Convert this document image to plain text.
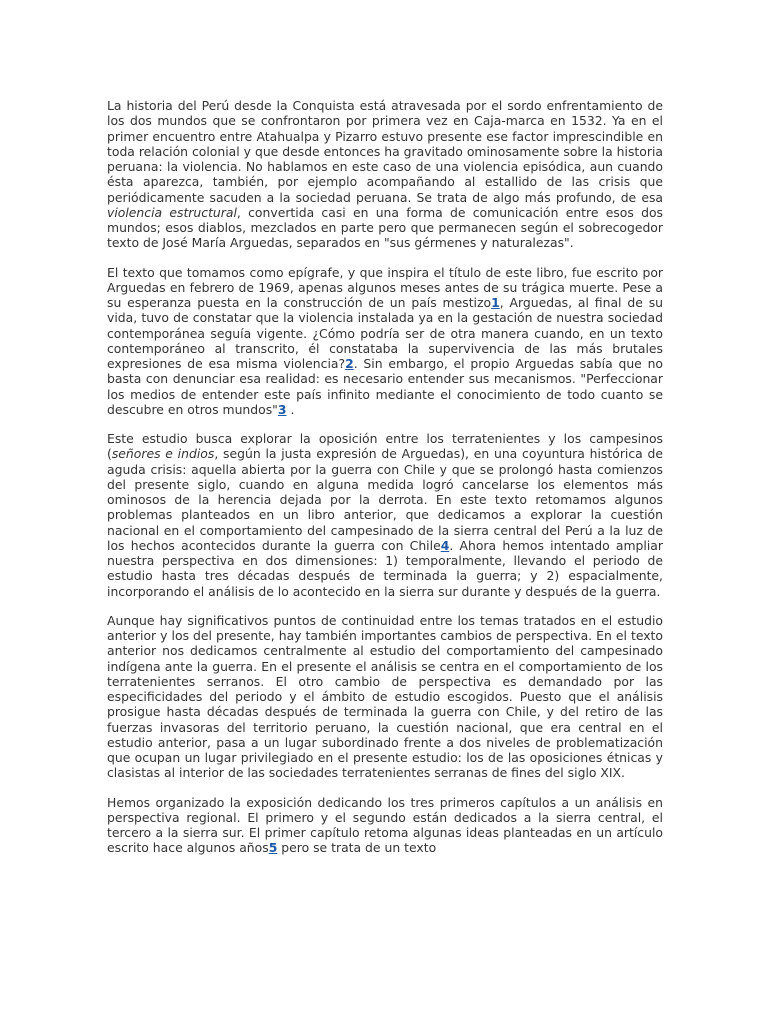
La historia del Perú desde la Conquista está atravesada por el sordo enfrentamiento de los dos mundos que se confrontaron por primera vez en Caja-marca en 1532. Ya en el primer encuentro entre Atahualpa y Pizarro estuvo presente ese factor imprescindible en toda relación colonial y que desde entonces ha gravitado ominosamente sobre la historia peruana: la violencia. No hablamos en este caso de una violencia episódica, aun cuando ésta aparezca, también, por ejemplo acompañando al estallido de las crisis que periódicamente sacuden a la sociedad peruana. Se trata de algo más profundo, de esa violencia estructural, convertida casi en una forma de comunicación entre esos dos mundos; esos diablos, mezclados en parte pero que permanecen según el sobrecogedor texto de José María Arguedas, separados en "sus gérmenes y naturalezas".

El texto que tomamos como epígrafe, y que inspira el título de este libro, fue escrito por Arguedas en febrero de 1969, apenas algunos meses antes de su trágica muerte. Pese a su esperanza puesta en la construcción de un país mestizo1, Arguedas, al final de su vida, tuvo de constatar que la violencia instalada ya en la gestación de nuestra sociedad contemporánea seguía vigente. ¿Cómo podría ser de otra manera cuando, en un texto contemporáneo al transcrito, él constataba la supervivencia de las más brutales expresiones de esa misma violencia?2. Sin embargo, el propio Arguedas sabía que no basta con denunciar esa realidad: es necesario entender sus mecanismos. "Perfeccionar los medios de entender este país infinito mediante el conocimiento de todo cuanto se descubre en otros mundos"3 .

Este estudio busca explorar la oposición entre los terratenientes y los campesinos (señores e indios, según la justa expresión de Arguedas), en una coyuntura histórica de aguda crisis: aquella abierta por la guerra con Chile y que se prolongó hasta comienzos del presente siglo, cuando en alguna medida logró cancelarse los elementos más ominosos de la herencia dejada por la derrota. En este texto retomamos algunos problemas planteados en un libro anterior, que dedicamos a explorar la cuestión nacional en el comportamiento del campesinado de la sierra central del Perú a la luz de los hechos acontecidos durante la guerra con Chile4. Ahora hemos intentado ampliar nuestra perspectiva en dos dimensiones: 1) temporalmente, llevando el periodo de estudio hasta tres décadas después de terminada la guerra; y 2) espacialmente, incorporando el análisis de lo acontecido en la sierra sur durante y después de la guerra.

Aunque hay significativos puntos de continuidad entre los temas tratados en el estudio anterior y los del presente, hay también importantes cambios de perspectiva. En el texto anterior nos dedicamos centralmente al estudio del comportamiento del campesinado indígena ante la guerra. En el presente el análisis se centra en el comportamiento de los terratenientes serranos. El otro cambio de perspectiva es demandado por las especificidades del periodo y el ámbito de estudio escogidos. Puesto que el análisis prosigue hasta décadas después de terminada la guerra con Chile, y del retiro de las fuerzas invasoras del territorio peruano, la cuestión nacional, que era central en el estudio anterior, pasa a un lugar subordinado frente a dos niveles de problematización que ocupan un lugar privilegiado en el presente estudio: los de las oposiciones étnicas y clasistas al interior de las sociedades terratenientes serranas de fines del siglo XIX.

Hemos organizado la exposición dedicando los tres primeros capítulos a un análisis en perspectiva regional. El primero y el segundo están dedicados a la sierra central, el tercero a la sierra sur. El primer capítulo retoma algunas ideas planteadas en un artículo escrito hace algunos años5 pero se trata de un texto
